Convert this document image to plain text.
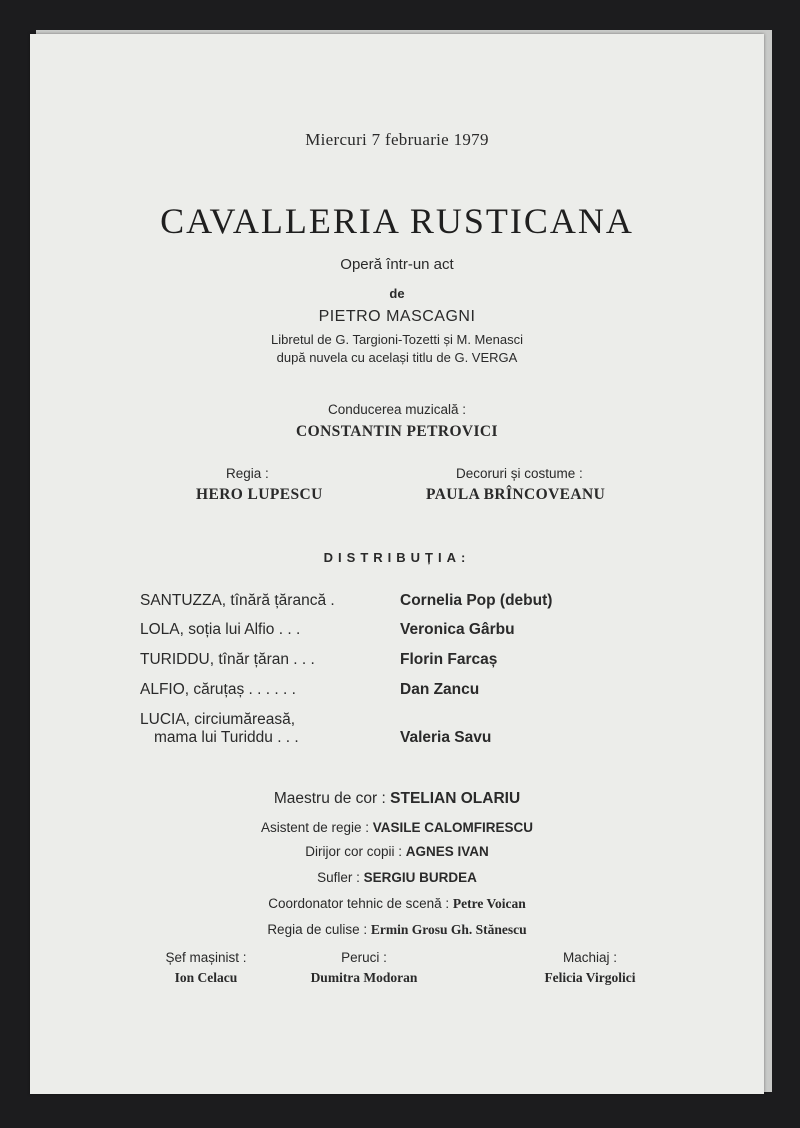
Miercuri 7 februarie 1979
CAVALLERIA RUSTICANA
Operă într-un act
de
PIETRO MASCAGNI
Libretul de G. Targioni-Tozetti și M. Menasci
după nuvela cu același titlu de G. VERGA
Conducerea muzicală :
CONSTANTIN PETROVICI
Regia :
HERO LUPESCU
Decoruri și costume :
PAULA BRÎNCOVEANU
DISTRIBUȚIA:
SANTUZZA, tînără țărancă .	Cornelia Pop (debut)
LOLA, soția lui Alfio . . .	Veronica Gârbu
TURIDDU, tînăr țăran . . .	Florin Farcaș
ALFIO, căruțaș . . . . . .	Dan Zancu
LUCIA, circiumăreasă,
mama lui Turiddu . . .	Valeria Savu
Maestru de cor : STELIAN OLARIU
Asistent de regie : VASILE CALOMFIRESCU
Dirijor cor copii : AGNES IVAN
Sufler : SERGIU BURDEA
Coordonator tehnic de scenă : Petre Voican
Regia de culise : Ermin Grosu Gh. Stănescu
Șef mașinist :
Ion Celacu
Peruci :
Dumitra Modoran
Machiaj :
Felicia Virgolici
